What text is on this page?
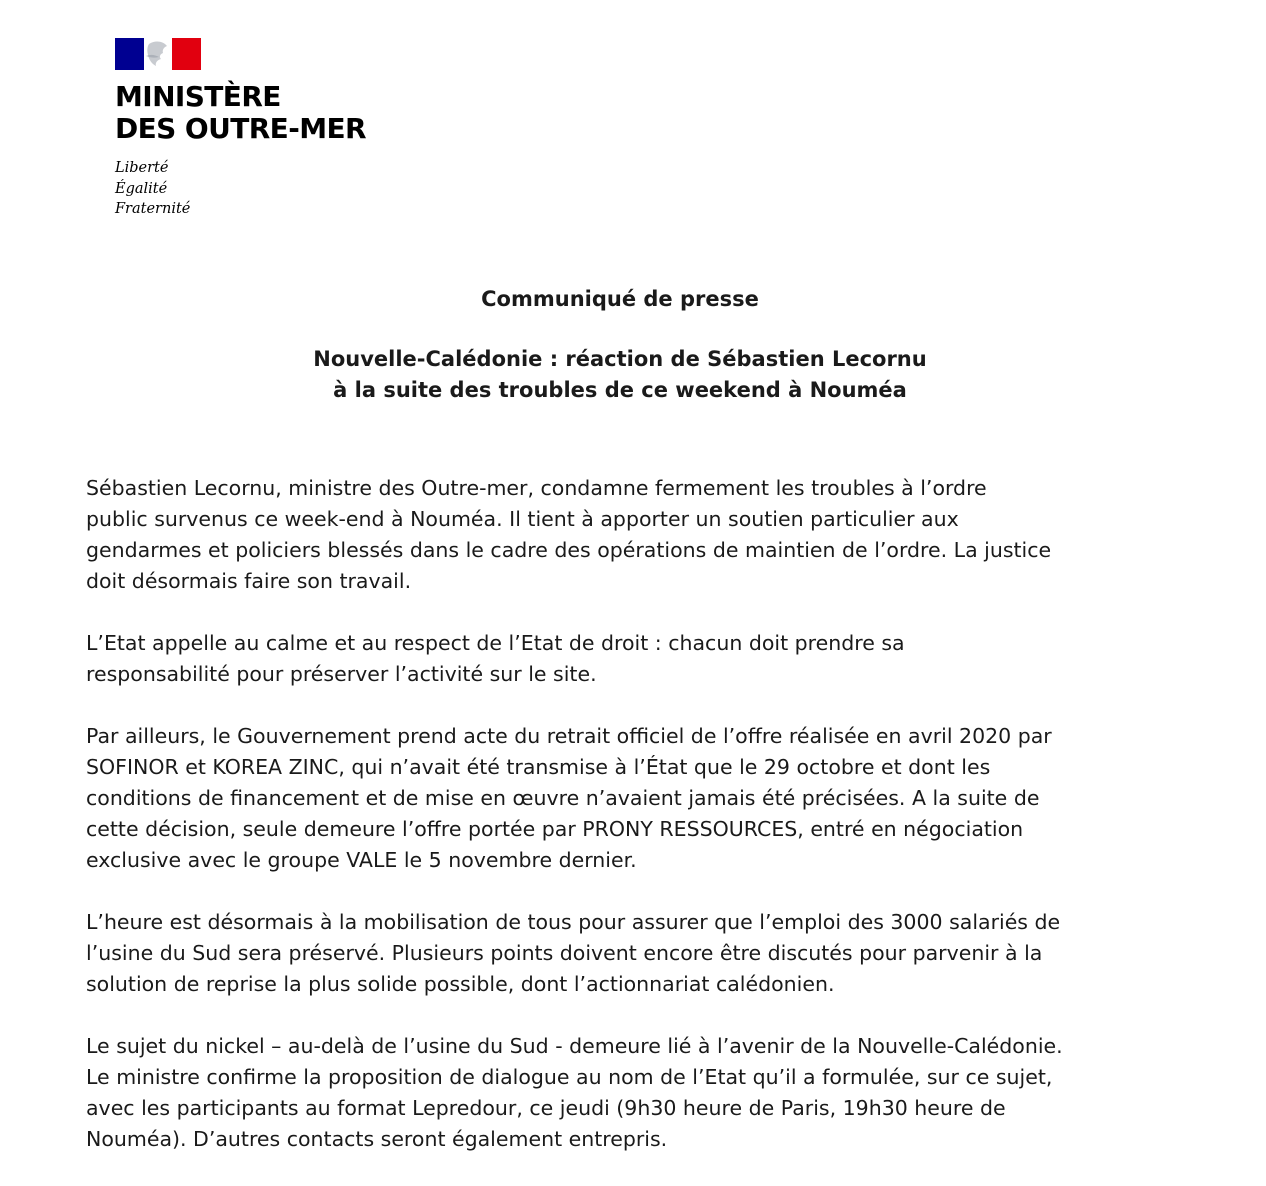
MINISTÈRE
DES OUTRE-MER
Liberté
Égalité
Fraternité
Communiqué de presse
Nouvelle-Calédonie : réaction de Sébastien Lecornu
à la suite des troubles de ce weekend à Nouméa

Sébastien Lecornu, ministre des Outre-mer, condamne fermement les troubles à l’ordre
public survenus ce week-end à Nouméa. Il tient à apporter un soutien particulier aux
gendarmes et policiers blessés dans le cadre des opérations de maintien de l’ordre. La justice
doit désormais faire son travail.

L’Etat appelle au calme et au respect de l’Etat de droit : chacun doit prendre sa
responsabilité pour préserver l’activité sur le site.

Par ailleurs, le Gouvernement prend acte du retrait officiel de l’offre réalisée en avril 2020 par
SOFINOR et KOREA ZINC, qui n’avait été transmise à l’État que le 29 octobre et dont les
conditions de financement et de mise en œuvre n’avaient jamais été précisées. A la suite de
cette décision, seule demeure l’offre portée par PRONY RESSOURCES, entré en négociation
exclusive avec le groupe VALE le 5 novembre dernier.

L’heure est désormais à la mobilisation de tous pour assurer que l’emploi des 3000 salariés de
l’usine du Sud sera préservé. Plusieurs points doivent encore être discutés pour parvenir à la
solution de reprise la plus solide possible, dont l’actionnariat calédonien.

Le sujet du nickel – au-delà de l’usine du Sud - demeure lié à l’avenir de la Nouvelle-Calédonie.
Le ministre confirme la proposition de dialogue au nom de l’Etat qu’il a formulée, sur ce sujet,
avec les participants au format Lepredour, ce jeudi (9h30 heure de Paris, 19h30 heure de
Nouméa). D’autres contacts seront également entrepris.
